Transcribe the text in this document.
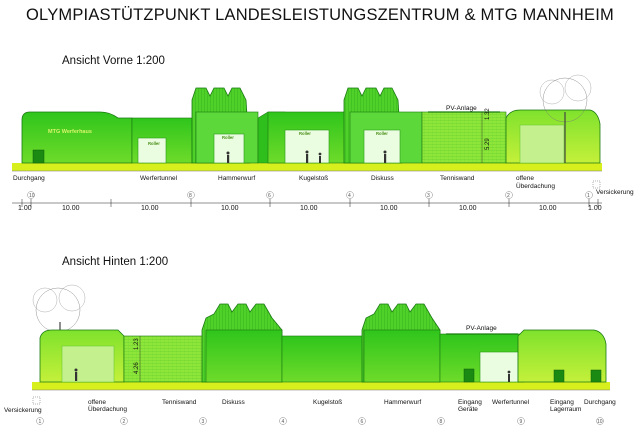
OLYMPIASTÜTZPUNKT LANDESLEISTUNGSZENTRUM & MTG MANNHEIM
Ansicht Vorne 1:200
Ansicht Hinten 1:200
MTG Werferhaus
Roller
Roller
Roller	Roller
PV-Anlage 1.32
5.29
Durchgang	Werfertunnel	Hammerwurf	Kugelstoß	Diskuss	Tenniswand	offene
Überdachung
10	8	6	4	3	2	1 Versickerung
1.00	10.00	10.00	10.00	10.00	10.00	10.00	10.00	1.00
1.23
4.26
PV-Anlage
Versickerung
offene
Überdachung
Tenniswand	Diskuss	Kugelstoß	Hammerwurf	Eingang
Geräte
Werfertunnel	Eingang
Lagerraum
Durchgang
1	2	3	4	6	8	9	10
